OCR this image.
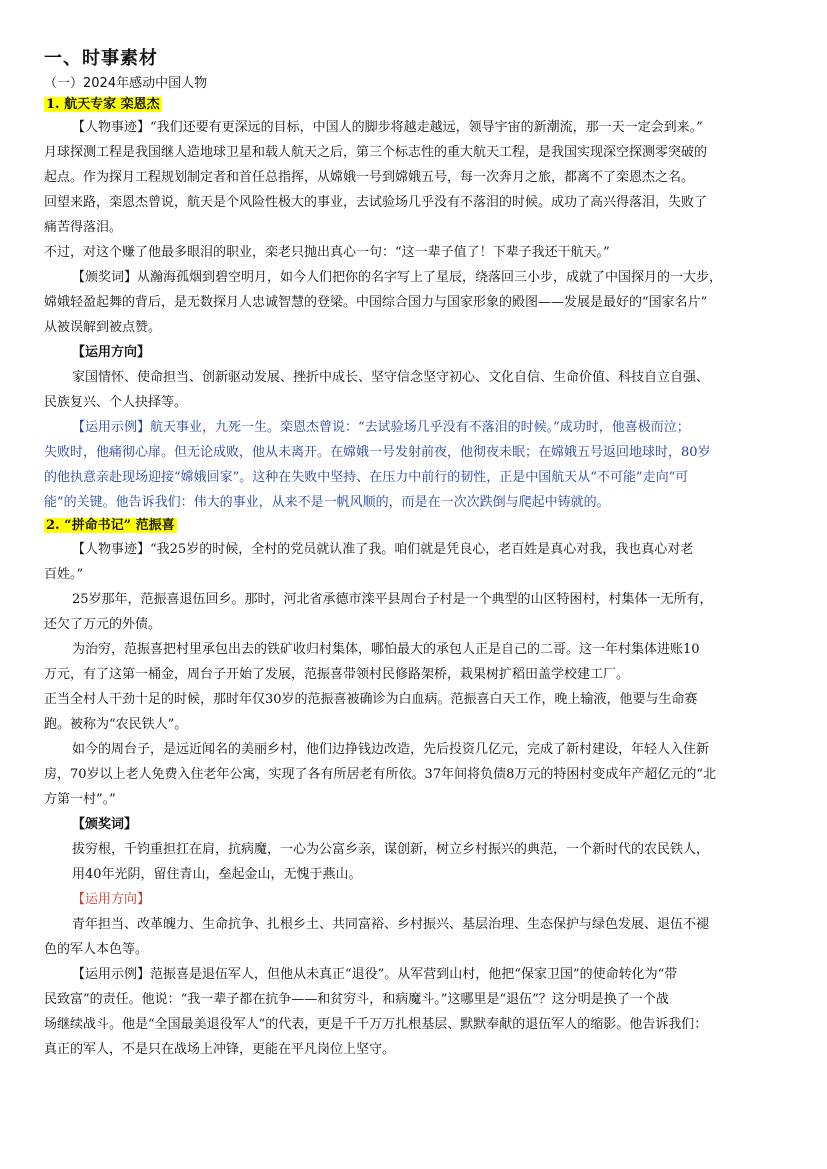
一、时事素材
（一）2024年感动中国人物
1. 航天专家 栾恩杰
【人物事迹】“我们还要有更深远的目标，中国人的脚步将越走越远，领导宇宙的新潮流，那一天一定会到来。”
月球探测工程是我国继人造地球卫星和载人航天之后，第三个标志性的重大航天工程，是我国实现深空探测零突破的
起点。作为探月工程规划制定者和首任总指挥，从嫦娥一号到嫦娥五号，每一次奔月之旅，都离不了栾恩杰之名。
回望来路，栾恩杰曾说，航天是个风险性极大的事业，去试验场几乎没有不落泪的时候。成功了高兴得落泪，失败了
痛苦得落泪。
不过，对这个赚了他最多眼泪的职业，栾老只抛出真心一句：“这一辈子值了！下辈子我还干航天。”
【颁奖词】从瀚海孤烟到碧空明月，如今人们把你的名字写上了星辰，绕落回三小步，成就了中国探月的一大步，
嫦娥轻盈起舞的背后，是无数探月人忠诚智慧的登梁。中国综合国力与国家形象的殿图——发展是最好的“国家名片”
从被误解到被点赞。
【运用方向】
家国情怀、使命担当、创新驱动发展、挫折中成长、坚守信念坚守初心、文化自信、生命价值、科技自立自强、
民族复兴、个人抉择等。
【运用示例】航天事业，九死一生。栾恩杰曾说：“去试验场几乎没有不落泪的时候。”成功时，他喜极而泣；
失败时，他痛彻心扉。但无论成败，他从未离开。在嫦娥一号发射前夜，他彻夜未眠；在嫦娥五号返回地球时，80岁
的他执意亲赴现场迎接“嫦娥回家”。这种在失败中坚持、在压力中前行的韧性，正是中国航天从“不可能”走向“可
能”的关键。他告诉我们：伟大的事业，从来不是一帆风顺的，而是在一次次跌倒与爬起中铸就的。
2. “拼命书记” 范振喜
【人物事迹】“我25岁的时候，全村的党员就认准了我。咱们就是凭良心，老百姓是真心对我，我也真心对老
百姓。”
25岁那年，范振喜退伍回乡。那时，河北省承德市滦平县周台子村是一个典型的山区特困村，村集体一无所有，
还欠了万元的外债。
为治穷，范振喜把村里承包出去的铁矿收归村集体，哪怕最大的承包人正是自己的二哥。这一年村集体进账10
万元，有了这第一桶金，周台子开始了发展，范振喜带领村民修路架桥，栽果树扩稻田盖学校建工厂。
正当全村人干劲十足的时候，那时年仅30岁的范振喜被确诊为白血病。范振喜白天工作，晚上输液，他要与生命赛
跑。被称为“农民铁人”。
如今的周台子，是远近闻名的美丽乡村，他们边挣钱边改造，先后投资几亿元，完成了新村建设，年轻人入住新
房，70岁以上老人免费入住老年公寓，实现了各有所居老有所依。37年间将负债8万元的特困村变成年产超亿元的“北
方第一村”。”
【颁奖词】
拔穷根，千钧重担扛在肩，抗病魔，一心为公富乡亲，谋创新，树立乡村振兴的典范，一个新时代的农民铁人，
用40年光阴，留住青山，垒起金山，无愧于燕山。
【运用方向】
青年担当、改革魄力、生命抗争、扎根乡土、共同富裕、乡村振兴、基层治理、生态保护与绿色发展、退伍不褪
色的军人本色等。
【运用示例】范振喜是退伍军人，但他从未真正“退役”。从军营到山村，他把“保家卫国”的使命转化为“带
民致富”的责任。他说：“我一辈子都在抗争——和贫穷斗，和病魔斗。”这哪里是“退伍”？这分明是换了一个战
场继续战斗。他是“全国最美退役军人”的代表，更是千千万万扎根基层、默默奉献的退伍军人的缩影。他告诉我们：
真正的军人，不是只在战场上冲锋，更能在平凡岗位上坚守。
